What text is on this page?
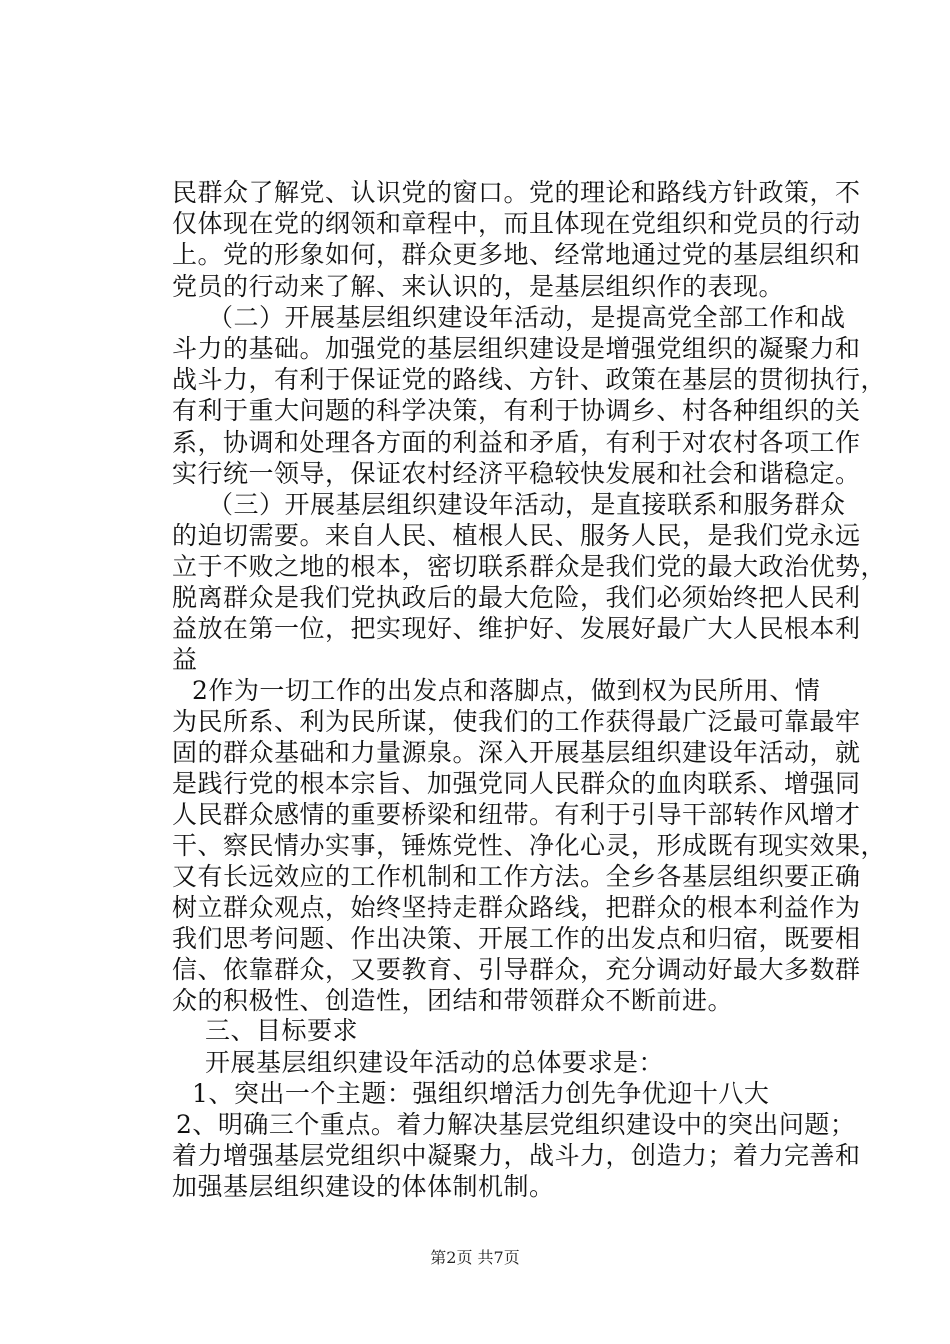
民群众了解党、认识党的窗口。党的理论和路线方针政策，不
仅体现在党的纲领和章程中，而且体现在党组织和党员的行动
上。党的形象如何，群众更多地、经常地通过党的基层组织和
党员的行动来了解、来认识的，是基层组织作的表现。
（二）开展基层组织建设年活动，是提高党全部工作和战
斗力的基础。加强党的基层组织建设是增强党组织的凝聚力和
战斗力，有利于保证党的路线、方针、政策在基层的贯彻执行，
有利于重大问题的科学决策，有利于协调乡、村各种组织的关
系，协调和处理各方面的利益和矛盾，有利于对农村各项工作
实行统一领导，保证农村经济平稳较快发展和社会和谐稳定。
（三）开展基层组织建设年活动，是直接联系和服务群众
的迫切需要。来自人民、植根人民、服务人民，是我们党永远
立于不败之地的根本，密切联系群众是我们党的最大政治优势，
脱离群众是我们党执政后的最大危险，我们必须始终把人民利
益放在第一位，把实现好、维护好、发展好最广大人民根本利
益
2作为一切工作的出发点和落脚点，做到权为民所用、情
为民所系、利为民所谋，使我们的工作获得最广泛最可靠最牢
固的群众基础和力量源泉。深入开展基层组织建设年活动，就
是践行党的根本宗旨、加强党同人民群众的血肉联系、增强同
人民群众感情的重要桥梁和纽带。有利于引导干部转作风增才
干、察民情办实事，锤炼党性、净化心灵，形成既有现实效果，
又有长远效应的工作机制和工作方法。全乡各基层组织要正确
树立群众观点，始终坚持走群众路线，把群众的根本利益作为
我们思考问题、作出决策、开展工作的出发点和归宿，既要相
信、依靠群众，又要教育、引导群众，充分调动好最大多数群
众的积极性、创造性，团结和带领群众不断前进。
三、目标要求
开展基层组织建设年活动的总体要求是：
1、突出一个主题：强组织增活力创先争优迎十八大
2、明确三个重点。着力解决基层党组织建设中的突出问题；
着力增强基层党组织中凝聚力，战斗力，创造力；着力完善和
加强基层组织建设的体体制机制。
第2页 共7页
